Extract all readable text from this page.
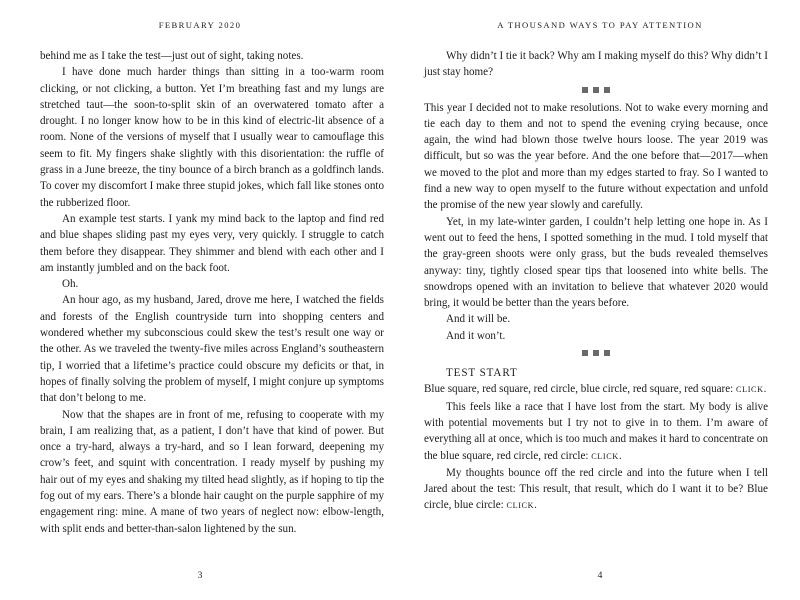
FEBRUARY 2020

behind me as I take the test—just out of sight, taking notes.

I have done much harder things than sitting in a too-warm room clicking, or not clicking, a button. Yet I’m breathing fast and my lungs are stretched taut—the soon-to-split skin of an overwatered tomato after a drought. I no longer know how to be in this kind of electric-lit absence of a room. None of the versions of myself that I usually wear to camouflage this seem to fit. My fingers shake slightly with this disorientation: the ruffle of grass in a June breeze, the tiny bounce of a birch branch as a goldfinch lands. To cover my discomfort I make three stupid jokes, which fall like stones onto the rubberized floor.

An example test starts. I yank my mind back to the laptop and find red and blue shapes sliding past my eyes very, very quickly. I struggle to catch them before they disappear. They shimmer and blend with each other and I am instantly jumbled and on the back foot.

Oh.

An hour ago, as my husband, Jared, drove me here, I watched the fields and forests of the English countryside turn into shopping centers and wondered whether my subconscious could skew the test’s result one way or the other. As we traveled the twenty-five miles across England’s southeastern tip, I worried that a lifetime’s practice could obscure my deficits or that, in hopes of finally solving the problem of myself, I might conjure up symptoms that don’t belong to me.

Now that the shapes are in front of me, refusing to cooperate with my brain, I am realizing that, as a patient, I don’t have that kind of power. But once a try-hard, always a try-hard, and so I lean forward, deepening my crow’s feet, and squint with concentration. I ready myself by pushing my hair out of my eyes and shaking my tilted head slightly, as if hoping to tip the fog out of my ears. There’s a blonde hair caught on the purple sapphire of my engagement ring: mine. A mane of two years of neglect now: elbow-length, with split ends and better-than-salon lightened by the sun.

3
A THOUSAND WAYS TO PAY ATTENTION

Why didn’t I tie it back? Why am I making myself do this? Why didn’t I just stay home?

This year I decided not to make resolutions. Not to wake every morning and tie each day to them and not to spend the evening crying because, once again, the wind had blown those twelve hours loose. The year 2019 was difficult, but so was the year before. And the one before that—2017—when we moved to the plot and more than my edges started to fray. So I wanted to find a new way to open myself to the future without expectation and unfold the promise of the new year slowly and carefully.

Yet, in my late-winter garden, I couldn’t help letting one hope in. As I went out to feed the hens, I spotted something in the mud. I told myself that the gray-green shoots were only grass, but the buds revealed themselves anyway: tiny, tightly closed spear tips that loosened into white bells. The snowdrops opened with an invitation to believe that whatever 2020 would bring, it would be better than the years before.

And it will be.

And it won’t.

TEST START

Blue square, red square, red circle, blue circle, red square, red square: CLICK.

This feels like a race that I have lost from the start. My body is alive with potential movements but I try not to give in to them. I’m aware of everything all at once, which is too much and makes it hard to concentrate on the blue square, red circle, red circle: CLICK.

My thoughts bounce off the red circle and into the future when I tell Jared about the test: This result, that result, which do I want it to be? Blue circle, blue circle: CLICK.

4
